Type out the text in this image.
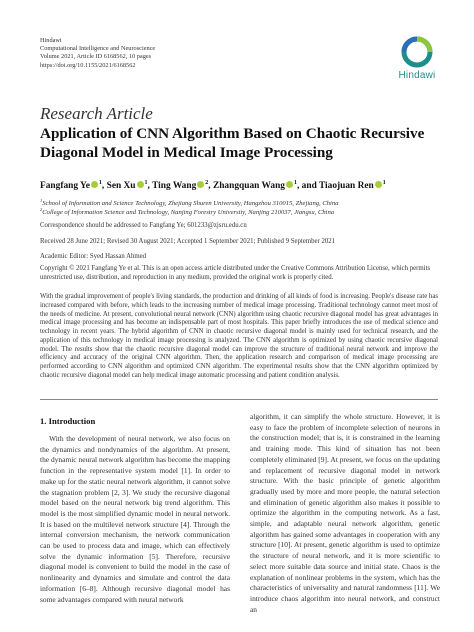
Hindawi
Computational Intelligence and Neuroscience
Volume 2021, Article ID 6168562, 10 pages
https://doi.org/10.1155/2021/6168562
Hindawi
Research Article
Application of CNN Algorithm Based on Chaotic Recursive Diagonal Model in Medical Image Processing
Fangfang Ye $^1$, Sen Xu $^1$, Ting Wang $^2$, Zhangquan Wang $^1$, and Tiaojuan Ren $^1$
$^1$School of Information and Science Technology, Zhejiang Shuren University, Hangzhou 310015, Zhejiang, China
$^2$College of Information Science and Technology, Nanjing Forestry University, Nanjing 210037, Jiangsu, China
Correspondence should be addressed to Fangfang Ye; 601233@zjsru.edu.cn
Received 28 June 2021; Revised 30 August 2021; Accepted 1 September 2021; Published 9 September 2021
Academic Editor: Syed Hassan Ahmed
Copyright © 2021 Fangfang Ye et al. This is an open access article distributed under the Creative Commons Attribution License, which permits unrestricted use, distribution, and reproduction in any medium, provided the original work is properly cited.
With the gradual improvement of people's living standards, the production and drinking of all kinds of food is increasing. People's disease rate has increased compared with before, which leads to the increasing number of medical image processing. Traditional technology cannot meet most of the needs of medicine. At present, convolutional neural network (CNN) algorithm using chaotic recursive diagonal model has great advantages in medical image processing and has become an indispensable part of most hospitals. This paper briefly introduces the use of medical science and technology in recent years. The hybrid algorithm of CNN in chaotic recursive diagonal model is mainly used for technical research, and the application of this technology in medical image processing is analyzed. The CNN algorithm is optimized by using chaotic recursive diagonal model. The results show that the chaotic recursive diagonal model can improve the structure of traditional neural network and improve the efficiency and accuracy of the original CNN algorithm. Then, the application research and comparison of medical image processing are performed according to CNN algorithm and optimized CNN algorithm. The experimental results show that the CNN algorithm optimized by chaotic recursive diagonal model can help medical image automatic processing and patient condition analysis.
1. Introduction

With the development of neural network, we also focus on the dynamics and nondynamics of the algorithm. At present, the dynamic neural network algorithm has become the mapping function in the representative system model [1]. In order to make up for the static neural network algorithm, it cannot solve the stagnation problem [2, 3]. We study the recursive diagonal model based on the neural network big trend algorithm. This model is the most simplified dynamic model in neural network. It is based on the multilevel network structure [4]. Through the internal conversion mechanism, the network communication can be used to process data and image, which can effectively solve the dynamic information [5]. Therefore, recursive diagonal model is convenient to build the model in the case of nonlinearity and dynamics and simulate and control the data information [6–8]. Although recursive diagonal model has some advantages compared with neural network

algorithm, it can simplify the whole structure. However, it is easy to face the problem of incomplete selection of neurons in the construction model; that is, it is constrained in the learning and training mode. This kind of situation has not been completely eliminated [9]. At present, we focus on the updating and replacement of recursive diagonal model in network structure. With the basic principle of genetic algorithm gradually used by more and more people, the natural selection and elimination of genetic algorithm also makes it possible to optimize the algorithm in the computing network. As a fast, simple, and adaptable neural network algorithm, genetic algorithm has gained some advantages in cooperation with any structure [10]. At present, genetic algorithm is used to optimize the structure of neural network, and it is more scientific to select more suitable data source and initial state. Chaos is the explanation of nonlinear problems in the system, which has the characteristics of universality and natural randomness [11]. We introduce chaos algorithm into neural network, and construct an
